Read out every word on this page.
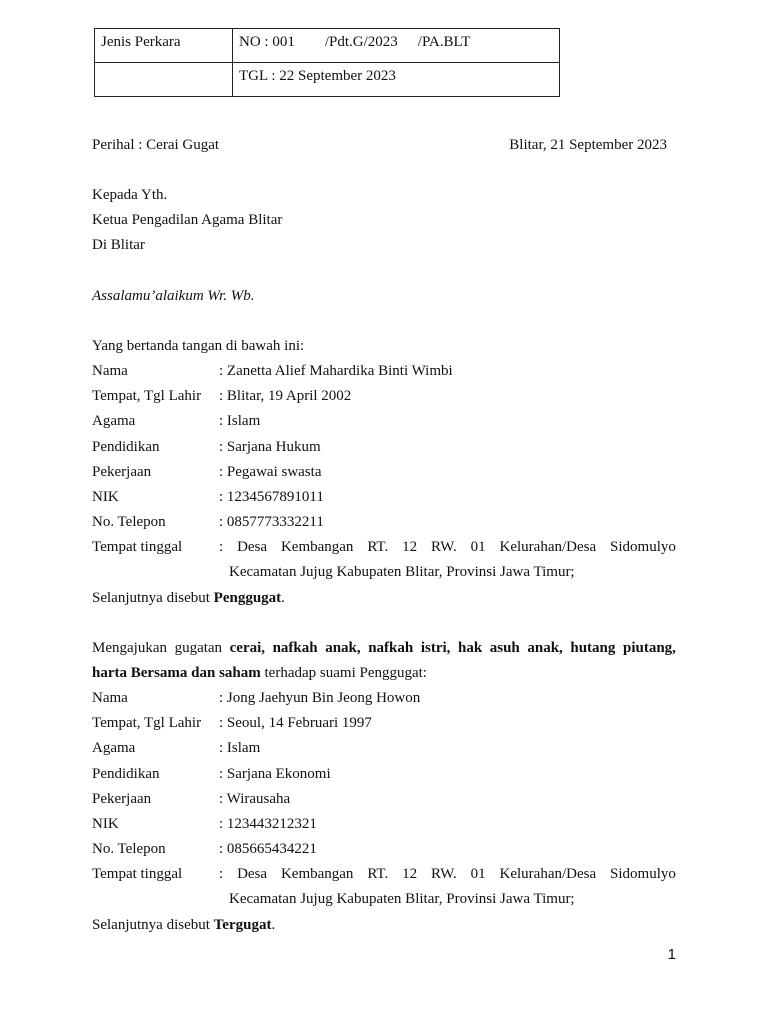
Jenis Perkara	NO : 001 /Pdt.G/2023 /PA.BLT
	TGL : 22 September 2023
Perihal : Cerai Gugat	Blitar, 21 September 2023
Kepada Yth.
Ketua Pengadilan Agama Blitar
Di Blitar
Assalamu’alaikum Wr. Wb.
Yang bertanda tangan di bawah ini:
Nama	: Zanetta Alief Mahardika Binti Wimbi
Tempat, Tgl Lahir : Blitar, 19 April 2002
Agama	: Islam
Pendidikan	: Sarjana Hukum
Pekerjaan	: Pegawai swasta
NIK	: 1234567891011
No. Telepon	: 0857773332211
Tempat tinggal : Desa Kembangan RT. 12 RW. 01 Kelurahan/Desa Sidomulyo
Kecamatan Jujug Kabupaten Blitar, Provinsi Jawa Timur;
Selanjutnya disebut Penggugat.
Mengajukan gugatan cerai, nafkah anak, nafkah istri, hak asuh anak, hutang piutang,
harta Bersama dan saham terhadap suami Penggugat:
Nama	: Jong Jaehyun Bin Jeong Howon
Tempat, Tgl Lahir : Seoul, 14 Februari 1997
Agama	: Islam
Pendidikan	: Sarjana Ekonomi
Pekerjaan	: Wirausaha
NIK	: 123443212321
No. Telepon	: 085665434221
Tempat tinggal : Desa Kembangan RT. 12 RW. 01 Kelurahan/Desa Sidomulyo
Kecamatan Jujug Kabupaten Blitar, Provinsi Jawa Timur;
Selanjutnya disebut Tergugat.
1
